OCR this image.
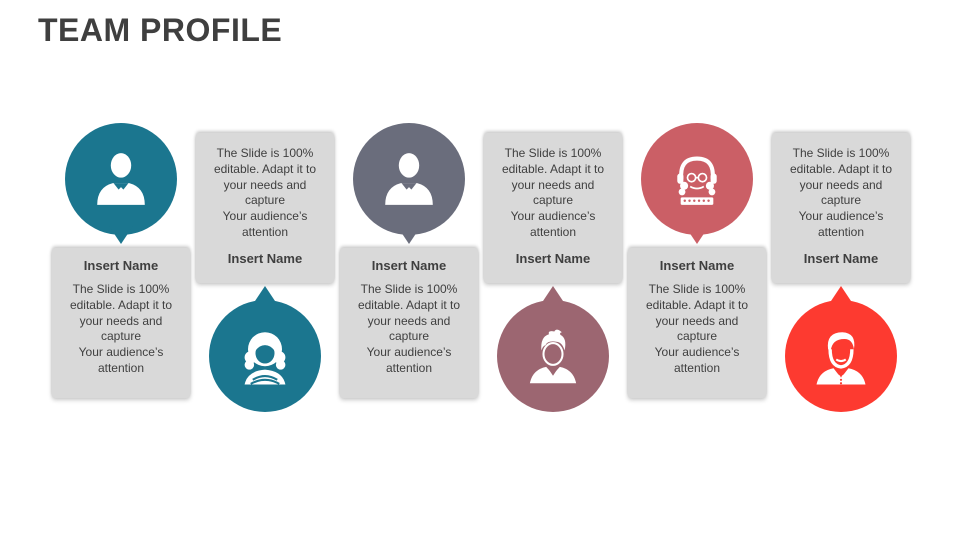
TEAM PROFILE
Insert Name
The Slide is 100% editable. Adapt it to your needs and capture
Your audience’s attention
The Slide is 100% editable. Adapt it to your needs and capture
Your audience’s attention
Insert Name	Insert Name
The Slide is 100% editable. Adapt it to your needs and capture
Your audience’s attention
The Slide is 100% editable. Adapt it to your needs and capture
Your audience’s attention
Insert Name	Insert Name
The Slide is 100% editable. Adapt it to your needs and capture
Your audience’s attention
The Slide is 100% editable. Adapt it to your needs and capture
Your audience’s attention
Insert Name
